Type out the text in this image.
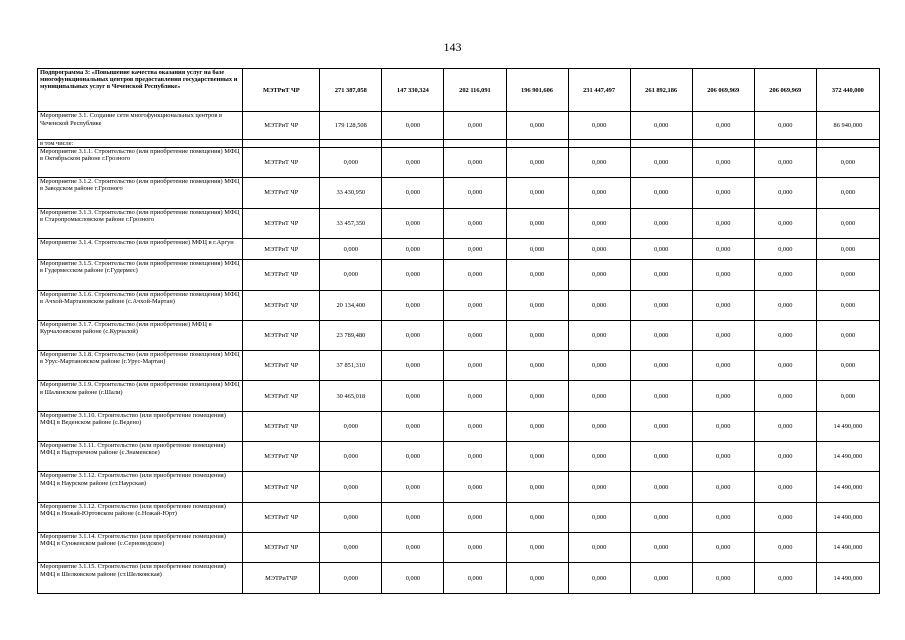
143
Подпрограмма 3: «Повышение качества оказания услуг на базе многофункциональных центров предоставления государственных и муниципальных услуг в Чеченской Республике»	МЭТРиТ ЧР	271 387,058	147 330,324	202 116,091	196 901,606	231 447,497	261 892,186	206 069,969	206 069,969	372 440,000
Мероприятие 3.1. Создание сети многофункциональных центров в Чеченской Республике	МЭТРиТ ЧР	179 128,508	0,000	0,000	0,000	0,000	0,000	0,000	0,000	86 940,000
в том числе:										
Мероприятие 3.1.1. Строительство (или приобретение помещения) МФЦ в Октябрьском районе г.Грозного	МЭТРиТ ЧР	0,000	0,000	0,000	0,000	0,000	0,000	0,000	0,000	0,000
Мероприятие 3.1.2. Строительство (или приобретение помещения) МФЦ в Заводском районе г.Грозного	МЭТРиТ ЧР	33 430,950	0,000	0,000	0,000	0,000	0,000	0,000	0,000	0,000
Мероприятие 3.1.3. Строительство (или приобретение помещения) МФЦ в Старопромысловском районе г.Грозного	МЭТРиТ ЧР	33 457,350	0,000	0,000	0,000	0,000	0,000	0,000	0,000	0,000
Мероприятие 3.1.4. Строительство (или приобретение) МФЦ в г.Аргун	МЭТРиТ ЧР	0,000	0,000	0,000	0,000	0,000	0,000	0,000	0,000	0,000
Мероприятие 3.1.5. Строительство (или приобретение помещения) МФЦ в Гудермесском районе (г.Гудермес)	МЭТРиТ ЧР	0,000	0,000	0,000	0,000	0,000	0,000	0,000	0,000	0,000
Мероприятие 3.1.6. Строительство (или приобретение помещения) МФЦ в Ачхой-Мартановском районе (с.Ачхой-Мартан)	МЭТРиТ ЧР	20 134,400	0,000	0,000	0,000	0,000	0,000	0,000	0,000	0,000
Мероприятие 3.1.7. Строительство (или приобретение) МФЦ в Курчалоевском районе (с.Курчалой)	МЭТРиТ ЧР	23 789,480	0,000	0,000	0,000	0,000	0,000	0,000	0,000	0,000
Мероприятие 3.1.8. Строительство (или приобретение помещения) МФЦ в Урус-Мартановском районе (г.Урус-Мартан)	МЭТРиТ ЧР	37 851,310	0,000	0,000	0,000	0,000	0,000	0,000	0,000	0,000
Мероприятие 3.1.9. Строительство (или приобретение помещения) МФЦ в Шалинском районе (г.Шали)	МЭТРиТ ЧР	30 465,018	0,000	0,000	0,000	0,000	0,000	0,000	0,000	0,000
Мероприятие 3.1.10. Строительство (или приобретение помещения) МФЦ в Веденском районе (с.Ведено)	МЭТРиТ ЧР	0,000	0,000	0,000	0,000	0,000	0,000	0,000	0,000	14 490,000
Мероприятие 3.1.11. Строительство (или приобретение помещения) МФЦ в Надтеречном районе (с.Знаменское)	МЭТРиТ ЧР	0,000	0,000	0,000	0,000	0,000	0,000	0,000	0,000	14 490,000
Мероприятие 3.1.12. Строительство (или приобретение помещения) МФЦ в Наурском районе (ст.Наурская)	МЭТРиТ ЧР	0,000	0,000	0,000	0,000	0,000	0,000	0,000	0,000	14 490,000
Мероприятие 3.1.12. Строительство (или приобретение помещения) МФЦ в Ножай-Юртовском районе (с.Ножай-Юрт)	МЭТРиТ ЧР	0,000	0,000	0,000	0,000	0,000	0,000	0,000	0,000	14 490,000
Мероприятие 3.1.14. Строительство (или приобретение помещения) МФЦ в Сунженском районе (с.Серноводское)	МЭТРиТ ЧР	0,000	0,000	0,000	0,000	0,000	0,000	0,000	0,000	14 490,000
Мероприятие 3.1.15. Строительство (или приобретение помещения) МФЦ в Шелковском районе (ст.Шелковская)	МЭТРиТЧР	0,000	0,000	0,000	0,000	0,000	0,000	0,000	0,000	14 490,000
